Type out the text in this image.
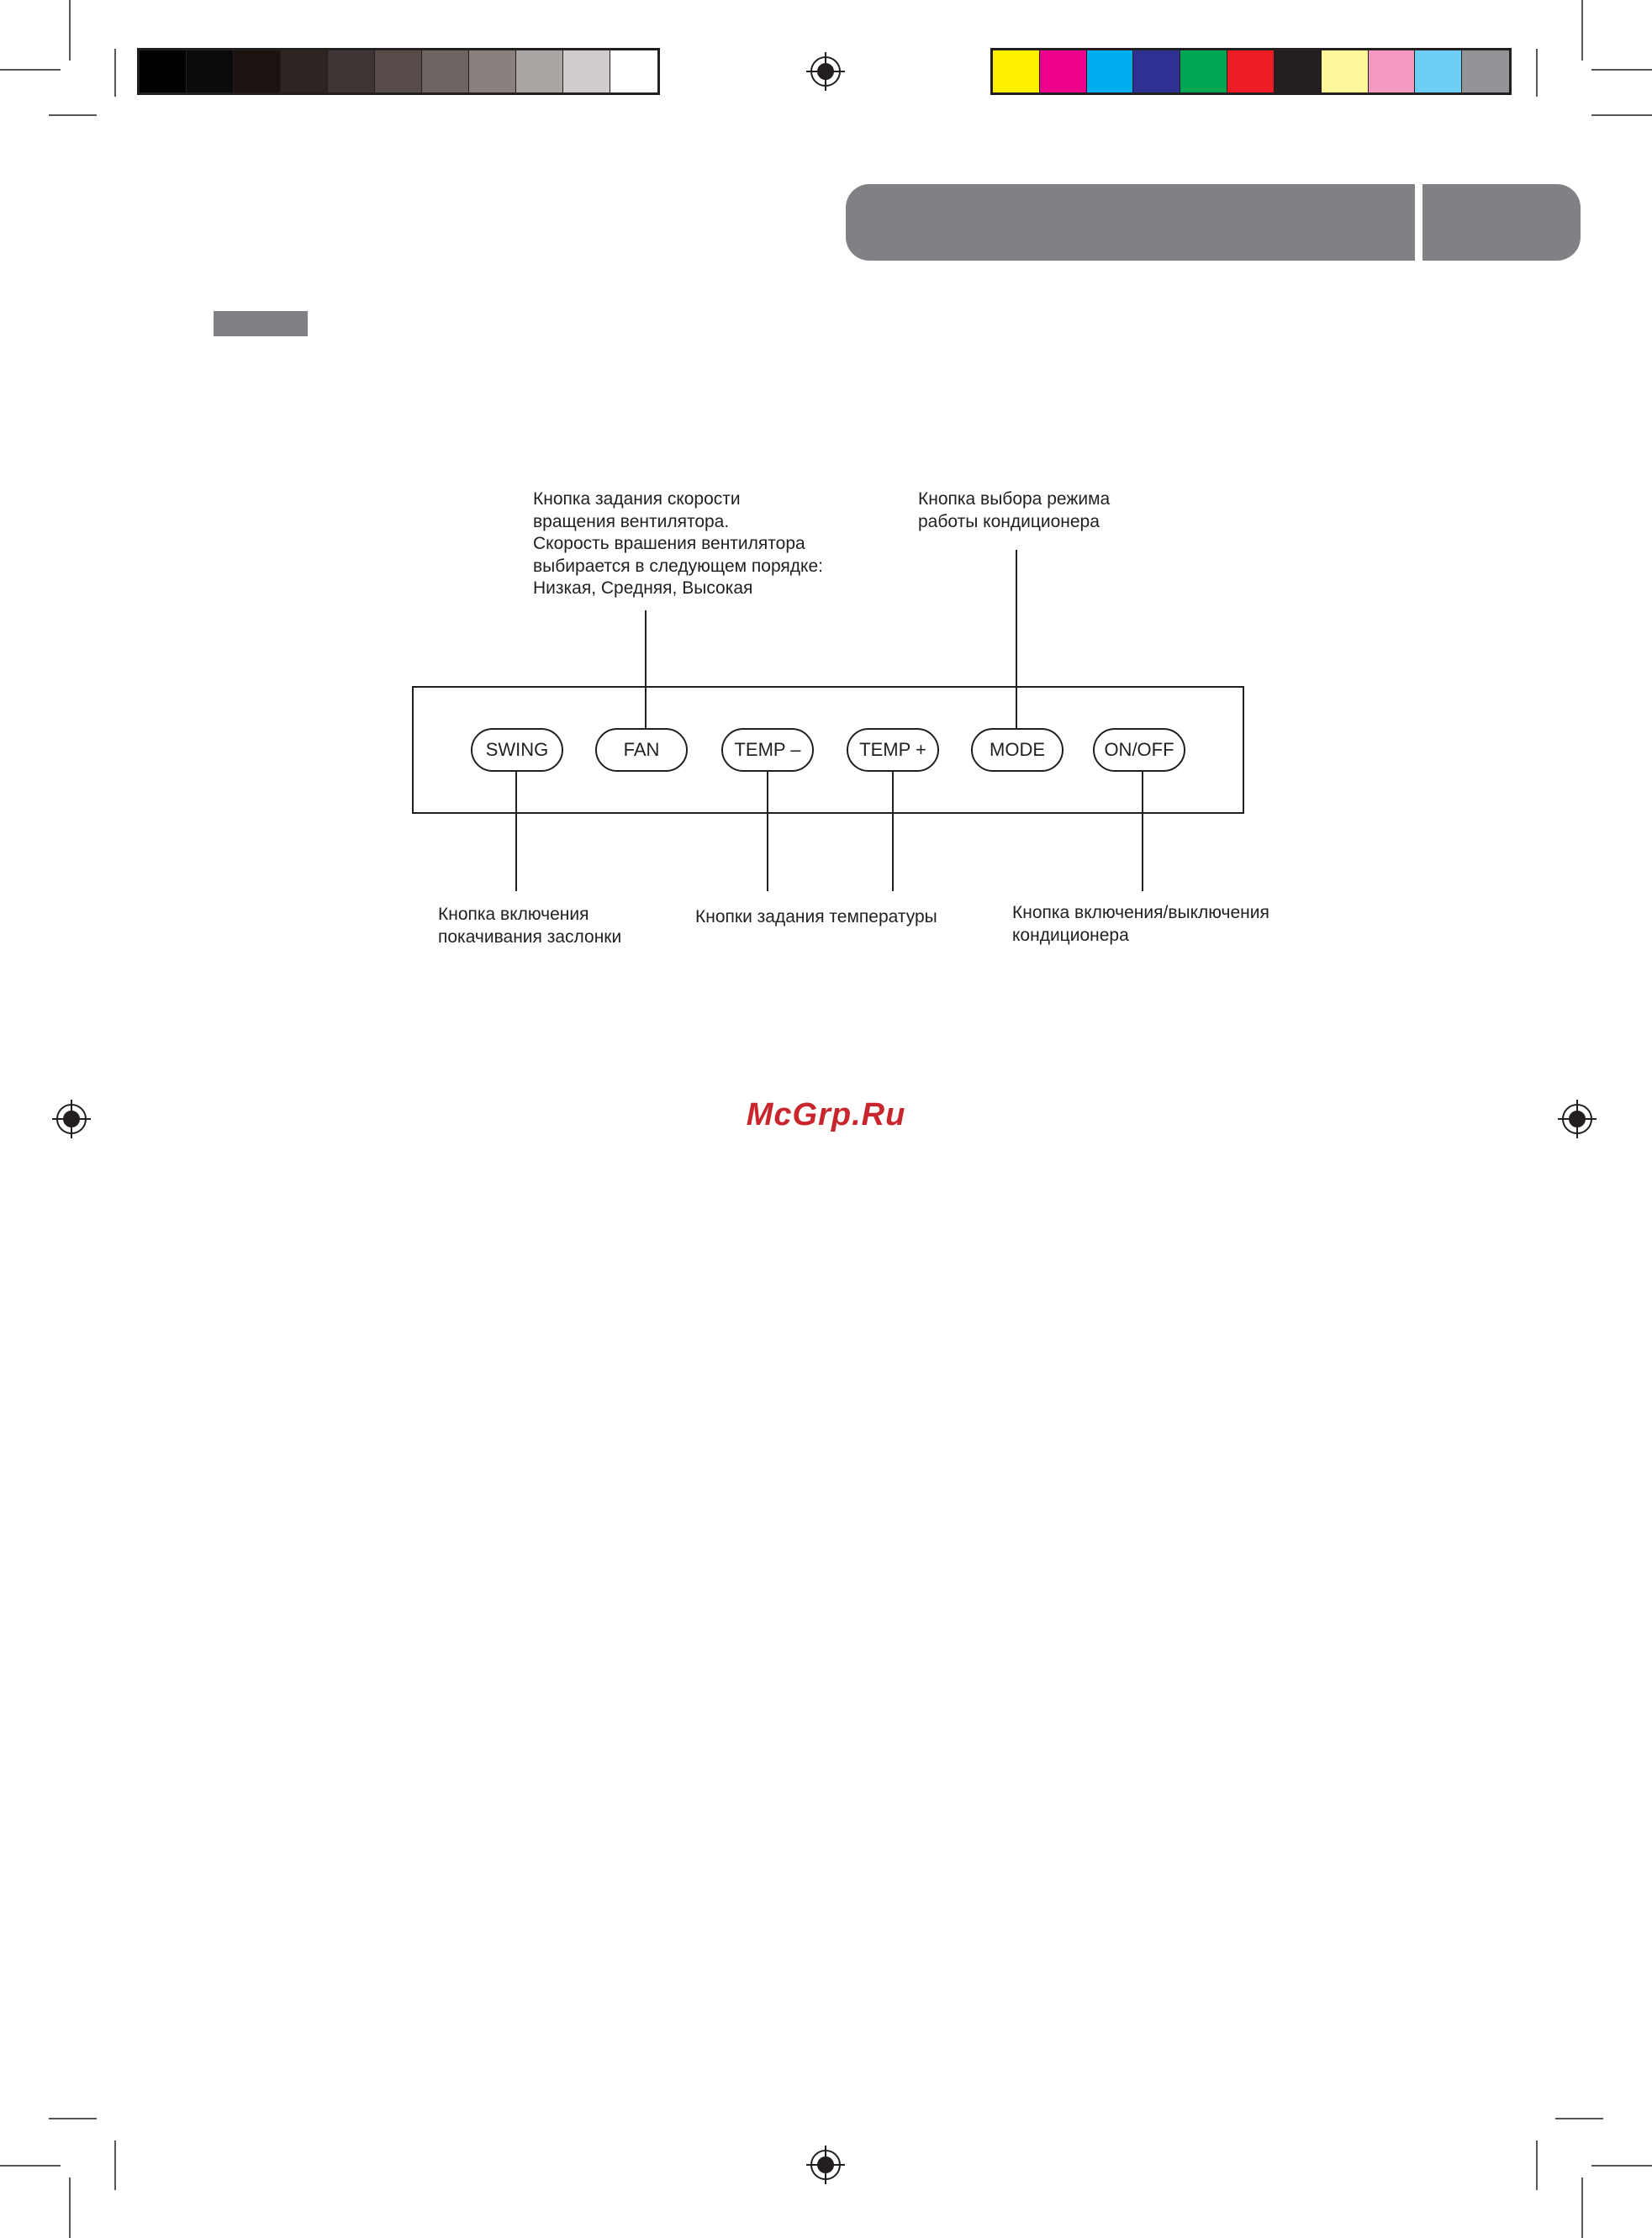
SWING	FAN	TEMP –	TEMP +	MODE	ON/OFF
Кнопка задания скорости
вращения вентилятора.
Скорость врашения вентилятора
выбирается в следующем порядке:
Низкая, Средняя, Высокая
Кнопка выбора режима
работы кондиционера
Кнопка включения
покачивания заслонки
Кнопки задания температуры	Кнопка включения/выключения
кондиционера
McGrp.Ru
